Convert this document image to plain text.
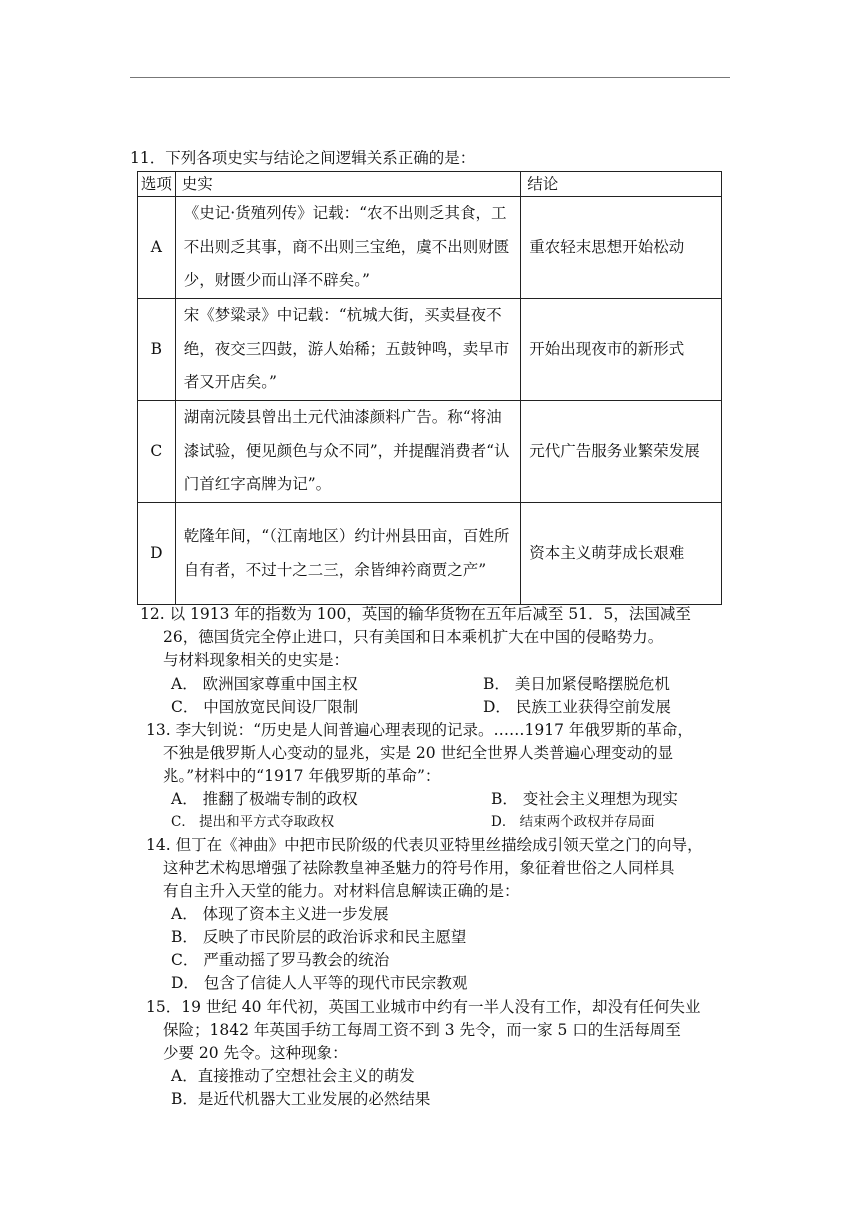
11．下列各项史实与结论之间逻辑关系正确的是：
选项	史实	结论
A	《史记·货殖列传》记载：“农不出则乏其食，工不出则乏其事，商不出则三宝绝，虞不出则财匮少，财匮少而山泽不辟矣。”	重农轻末思想开始松动
B	宋《梦粱录》中记载：“杭城大街，买卖昼夜不绝，夜交三四鼓，游人始稀；五鼓钟鸣，卖早市者又开店矣。”	开始出现夜市的新形式
C	湖南沅陵县曾出土元代油漆颜料广告。称“将油漆试验，便见颜色与众不同”，并提醒消费者“认门首红字高牌为记”。	元代广告服务业繁荣发展
D	乾隆年间，“（江南地区）约计州县田亩，百姓所自有者，不过十之二三，余皆绅衿商贾之产”	资本主义萌芽成长艰难
12. 以 1913 年的指数为 100，英国的输华货物在五年后减至 51．5，法国减至
26，德国货完全停止进口，只有美国和日本乘机扩大在中国的侵略势力。
与材料现象相关的史实是：
A． 欧洲国家尊重中国主权	B． 美日加紧侵略摆脱危机
C． 中国放宽民间设厂限制	D． 民族工业获得空前发展
13. 李大钊说：“历史是人间普遍心理表现的记录。……1917 年俄罗斯的革命，
不独是俄罗斯人心变动的显兆，实是 20 世纪全世界人类普遍心理变动的显
兆。”材料中的“1917 年俄罗斯的革命”：
A． 推翻了极端专制的政权	B． 变社会主义理想为现实
C． 提出和平方式夺取政权	D． 结束两个政权并存局面
14. 但丁在《神曲》中把市民阶级的代表贝亚特里丝描绘成引领天堂之门的向导，
这种艺术构思增强了祛除教皇神圣魅力的符号作用，象征着世俗之人同样具
有自主升入天堂的能力。对材料信息解读正确的是：
A． 体现了资本主义进一步发展
B． 反映了市民阶层的政治诉求和民主愿望
C． 严重动摇了罗马教会的统治
D． 包含了信徒人人平等的现代市民宗教观
15．19 世纪 40 年代初，英国工业城市中约有一半人没有工作，却没有任何失业
保险；1842 年英国手纺工每周工资不到 3 先令，而一家 5 口的生活每周至
少要 20 先令。这种现象：
A．直接推动了空想社会主义的萌发
B．是近代机器大工业发展的必然结果
